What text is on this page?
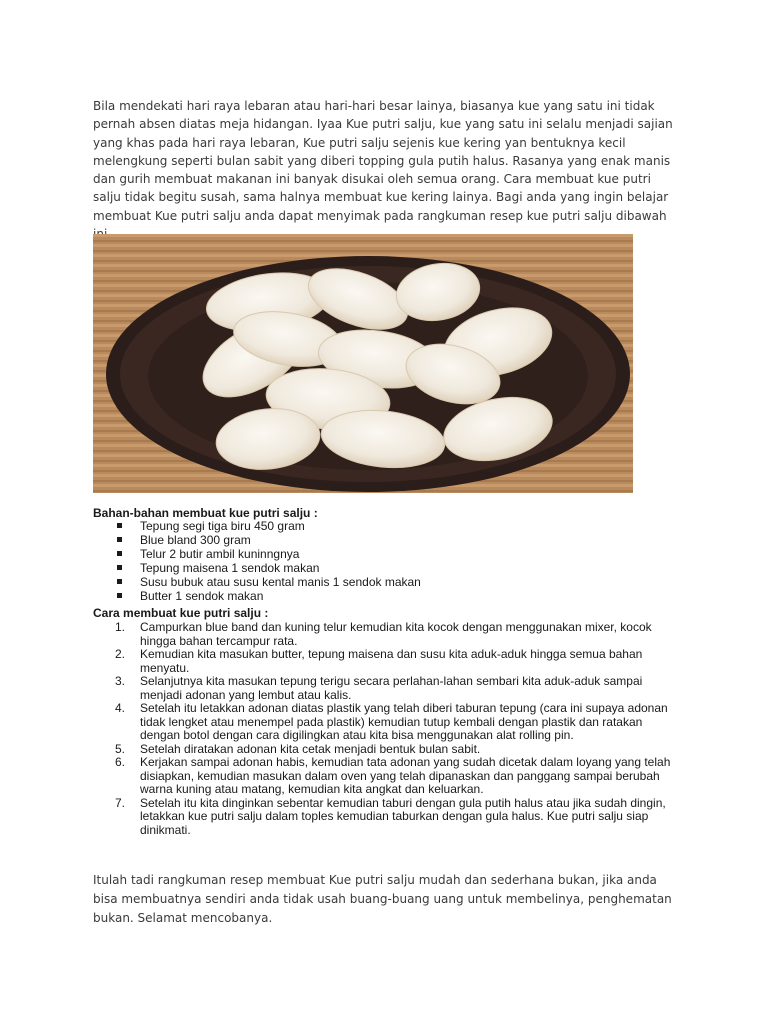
Bila mendekati hari raya lebaran atau hari-hari besar lainya, biasanya kue yang satu ini tidak pernah absen diatas meja hidangan. Iyaa Kue putri salju, kue yang satu ini selalu menjadi sajian yang khas pada hari raya lebaran, Kue putri salju sejenis kue kering yan bentuknya kecil melengkung seperti bulan sabit yang diberi topping gula putih halus. Rasanya yang enak manis dan gurih membuat makanan ini banyak disukai oleh semua orang. Cara membuat kue putri salju tidak begitu susah, sama halnya membuat kue kering lainya. Bagi anda yang ingin belajar membuat Kue putri salju anda dapat menyimak pada rangkuman resep kue putri salju dibawah

Bahan-bahan membuat kue putri salju :

Tepung segi tiga biru 450 gram
Blue bland 300 gram
Telur 2 butir ambil kuninngnya
Tepung maisena 1 sendok makan
Susu bubuk atau susu kental manis 1 sendok makan
Butter 1 sendok makan

Cara membuat kue putri salju :

1. Campurkan blue band dan kuning telur kemudian kita kocok dengan menggunakan mixer, kocok hingga bahan tercampur rata.
2. Kemudian kita masukan butter, tepung maisena dan susu kita aduk-aduk hingga semua bahan menyatu.
3. Selanjutnya kita masukan tepung terigu secara perlahan-lahan sembari kita aduk-aduk sampai menjadi adonan yang lembut atau kalis.
4. Setelah itu letakkan adonan diatas plastik yang telah diberi taburan tepung (cara ini supaya adonan tidak lengket atau menempel pada plastik) kemudian tutup kembali dengan plastik dan ratakan dengan botol dengan cara digilingkan atau kita bisa menggunakan alat rolling pin.
5. Setelah diratakan adonan kita cetak menjadi bentuk bulan sabit.
6. Kerjakan sampai adonan habis, kemudian tata adonan yang sudah dicetak dalam loyang yang telah disiapkan, kemudian masukan dalam oven yang telah dipanaskan dan panggang sampai berubah warna kuning atau matang, kemudian kita angkat dan keluarkan.
7. Setelah itu kita dinginkan sebentar kemudian taburi dengan gula putih halus atau jika sudah dingin, letakkan kue putri salju dalam toples kemudian taburkan dengan gula halus. Kue putri salju siap dinikmati.

Itulah tadi rangkuman resep membuat Kue putri salju mudah dan sederhana bukan, jika anda bisa membuatnya sendiri anda tidak usah buang-buang uang untuk membelinya, penghematan bukan. Selamat mencobanya.
